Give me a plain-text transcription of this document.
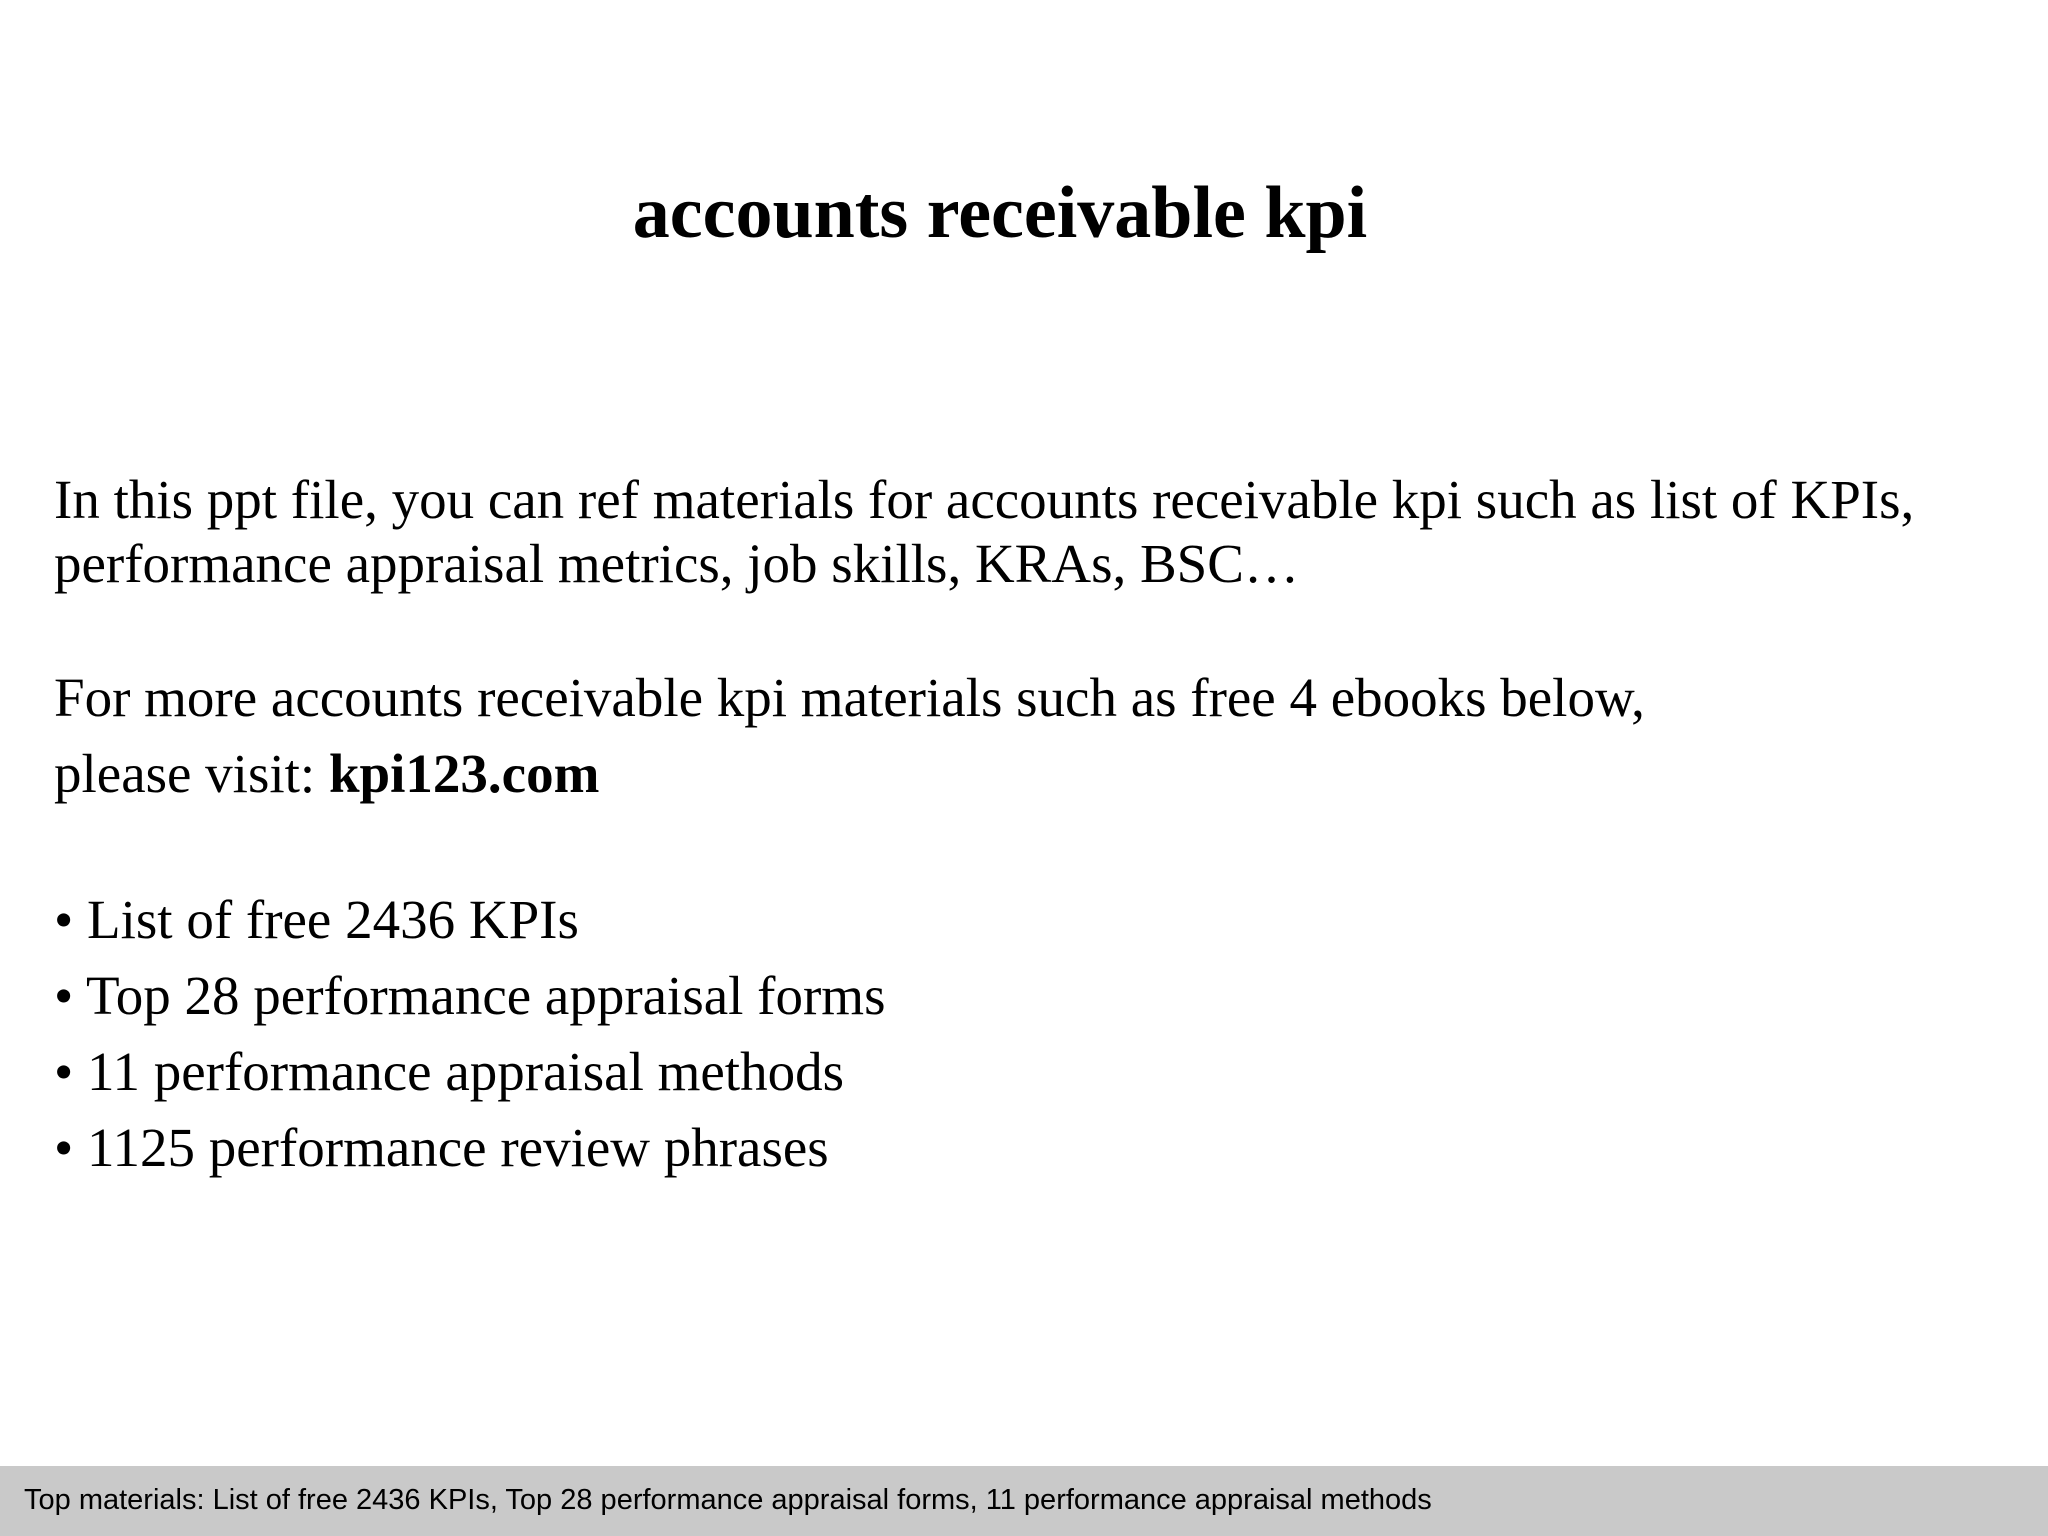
accounts receivable kpi

In this ppt file, you can ref materials for accounts receivable kpi such as list of KPIs,
performance appraisal metrics, job skills, KRAs, BSC…

For more accounts receivable kpi materials such as free 4 ebooks below,
please visit: kpi123.com

• List of free 2436 KPIs
• Top 28 performance appraisal forms
• 11 performance appraisal methods
• 1125 performance review phrases
Top materials: List of free 2436 KPIs, Top 28 performance appraisal forms, 11 performance appraisal methods
